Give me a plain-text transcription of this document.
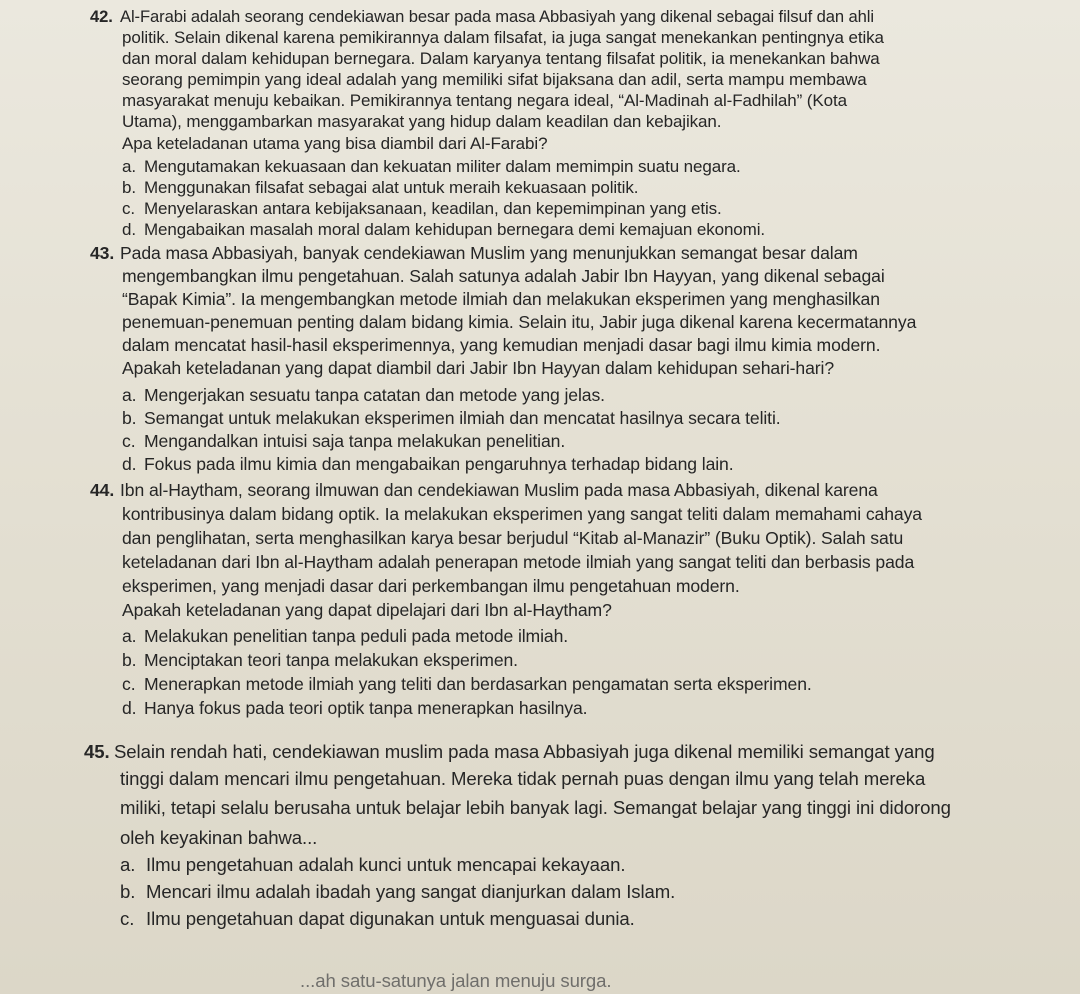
42. Al-Farabi adalah seorang cendekiawan besar pada masa Abbasiyah yang dikenal sebagai filsuf dan ahli
politik. Selain dikenal karena pemikirannya dalam filsafat, ia juga sangat menekankan pentingnya etika
dan moral dalam kehidupan bernegara. Dalam karyanya tentang filsafat politik, ia menekankan bahwa
seorang pemimpin yang ideal adalah yang memiliki sifat bijaksana dan adil, serta mampu membawa
masyarakat menuju kebaikan. Pemikirannya tentang negara ideal, “Al-Madinah al-Fadhilah” (Kota
Utama), menggambarkan masyarakat yang hidup dalam keadilan dan kebajikan.
Apa keteladanan utama yang bisa diambil dari Al-Farabi?
a. Mengutamakan kekuasaan dan kekuatan militer dalam memimpin suatu negara.
b. Menggunakan filsafat sebagai alat untuk meraih kekuasaan politik.
c. Menyelaraskan antara kebijaksanaan, keadilan, dan kepemimpinan yang etis.
d. Mengabaikan masalah moral dalam kehidupan bernegara demi kemajuan ekonomi.
43. Pada masa Abbasiyah, banyak cendekiawan Muslim yang menunjukkan semangat besar dalam
mengembangkan ilmu pengetahuan. Salah satunya adalah Jabir Ibn Hayyan, yang dikenal sebagai
“Bapak Kimia”. Ia mengembangkan metode ilmiah dan melakukan eksperimen yang menghasilkan
penemuan-penemuan penting dalam bidang kimia. Selain itu, Jabir juga dikenal karena kecermatannya
dalam mencatat hasil-hasil eksperimennya, yang kemudian menjadi dasar bagi ilmu kimia modern.
Apakah keteladanan yang dapat diambil dari Jabir Ibn Hayyan dalam kehidupan sehari-hari?
a. Mengerjakan sesuatu tanpa catatan dan metode yang jelas.
b. Semangat untuk melakukan eksperimen ilmiah dan mencatat hasilnya secara teliti.
c. Mengandalkan intuisi saja tanpa melakukan penelitian.
d. Fokus pada ilmu kimia dan mengabaikan pengaruhnya terhadap bidang lain.
44. Ibn al-Haytham, seorang ilmuwan dan cendekiawan Muslim pada masa Abbasiyah, dikenal karena
kontribusinya dalam bidang optik. Ia melakukan eksperimen yang sangat teliti dalam memahami cahaya
dan penglihatan, serta menghasilkan karya besar berjudul “Kitab al-Manazir” (Buku Optik). Salah satu
keteladanan dari Ibn al-Haytham adalah penerapan metode ilmiah yang sangat teliti dan berbasis pada
eksperimen, yang menjadi dasar dari perkembangan ilmu pengetahuan modern.
Apakah keteladanan yang dapat dipelajari dari Ibn al-Haytham?
a. Melakukan penelitian tanpa peduli pada metode ilmiah.
b. Menciptakan teori tanpa melakukan eksperimen.
c. Menerapkan metode ilmiah yang teliti dan berdasarkan pengamatan serta eksperimen.
d. Hanya fokus pada teori optik tanpa menerapkan hasilnya.
45. Selain rendah hati, cendekiawan muslim pada masa Abbasiyah juga dikenal memiliki semangat yang
tinggi dalam mencari ilmu pengetahuan. Mereka tidak pernah puas dengan ilmu yang telah mereka
miliki, tetapi selalu berusaha untuk belajar lebih banyak lagi. Semangat belajar yang tinggi ini didorong
oleh keyakinan bahwa...
a. Ilmu pengetahuan adalah kunci untuk mencapai kekayaan.
b. Mencari ilmu adalah ibadah yang sangat dianjurkan dalam Islam.
c. Ilmu pengetahuan dapat digunakan untuk menguasai dunia.
...ah satu-satunya jalan menuju surga.
